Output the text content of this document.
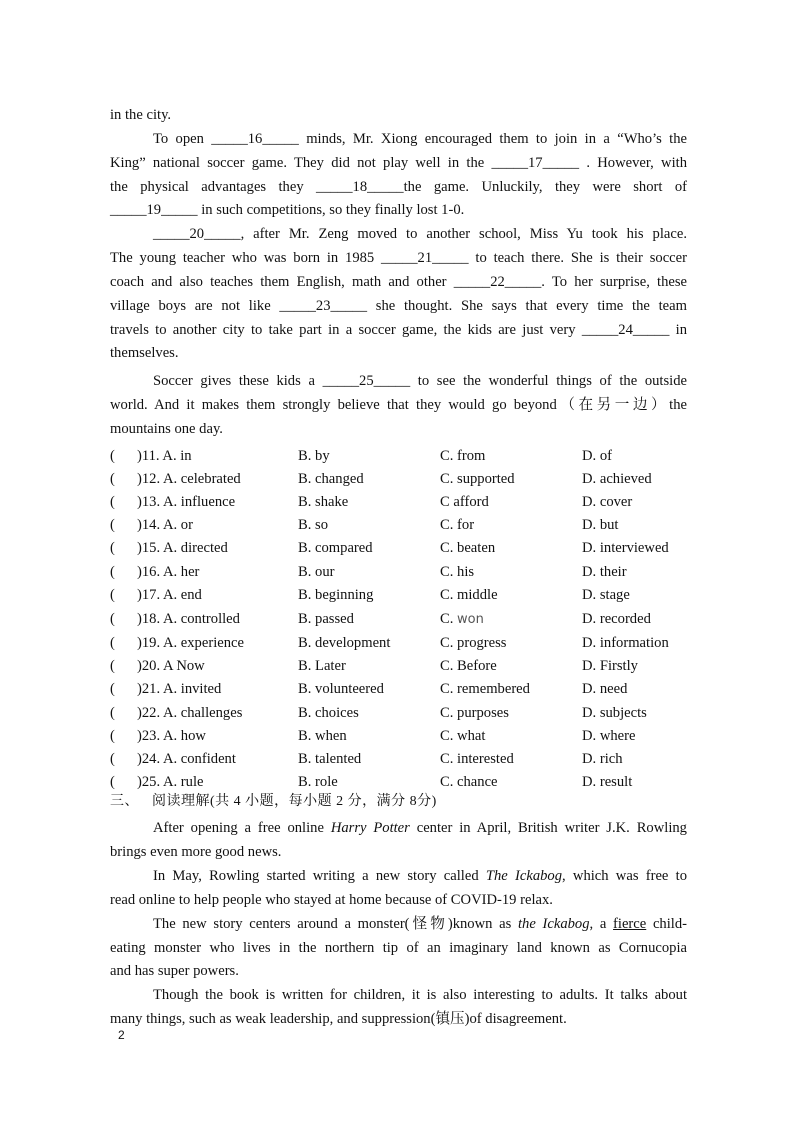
in the city.
To open _____16_____ minds, Mr. Xiong encouraged them to join in a “Who’s the
King” national soccer game. They did not play well in the _____17_____ . However, with
the physical advantages they _____18_____the game. Unluckily, they were short of
_____19_____ in such competitions, so they finally lost 1-0.
_____20_____, after Mr. Zeng moved to another school, Miss Yu took his place.
The young teacher who was born in 1985 _____21_____ to teach there. She is their soccer
coach and also teaches them English, math and other _____22_____. To her surprise, these
village boys are not like _____23_____ she thought. She says that every time the team
travels to another city to take part in a soccer game, the kids are just very _____24_____ in
themselves.
Soccer gives these kids a _____25_____ to see the wonderful things of the outside
world. And it makes them strongly believe that they would go beyond（在另一边）the
mountains one day.
( )11. A. in	B. by	C. from	D. of
( )12. A. celebrated	B. changed	C. supported	D. achieved
( )13. A. influence	B. shake	C afford	D. cover
( )14. A. or	B. so	C. for	D. but
( )15. A. directed	B. compared	C. beaten	D. interviewed
( )16. A. her	B. our	C. his	D. their
( )17. A. end	B. beginning	C. middle	D. stage
( )18. A. controlled	B. passed	C. won	D. recorded
( )19. A. experience	B. development	C. progress	D. information
( )20. A Now	B. Later	C. Before	D. Firstly
( )21. A. invited	B. volunteered	C. remembered	D. need
( )22. A. challenges	B. choices	C. purposes	D. subjects
( )23. A. how	B. when	C. what	D. where
( )24. A. confident	B. talented	C. interested	D. rich
( )25. A. rule	B. role	C. chance	D. result
三、 阅读理解(共 4 小题，每小题 2 分，满分 8分)
After opening a free online Harry Potter center in April, British writer J.K. Rowling
brings even more good news.
In May, Rowling started writing a new story called The Ickabog, which was free to
read online to help people who stayed at home because of COVID-19 relax.
The new story centers around a monster(怪物)known as the Ickabog, a fierce child-
eating monster who lives in the northern tip of an imaginary land known as Cornucopia
and has super powers.
Though the book is written for children, it is also interesting to adults. It talks about
many things, such as weak leadership, and suppression(镇压)of disagreement.
2
